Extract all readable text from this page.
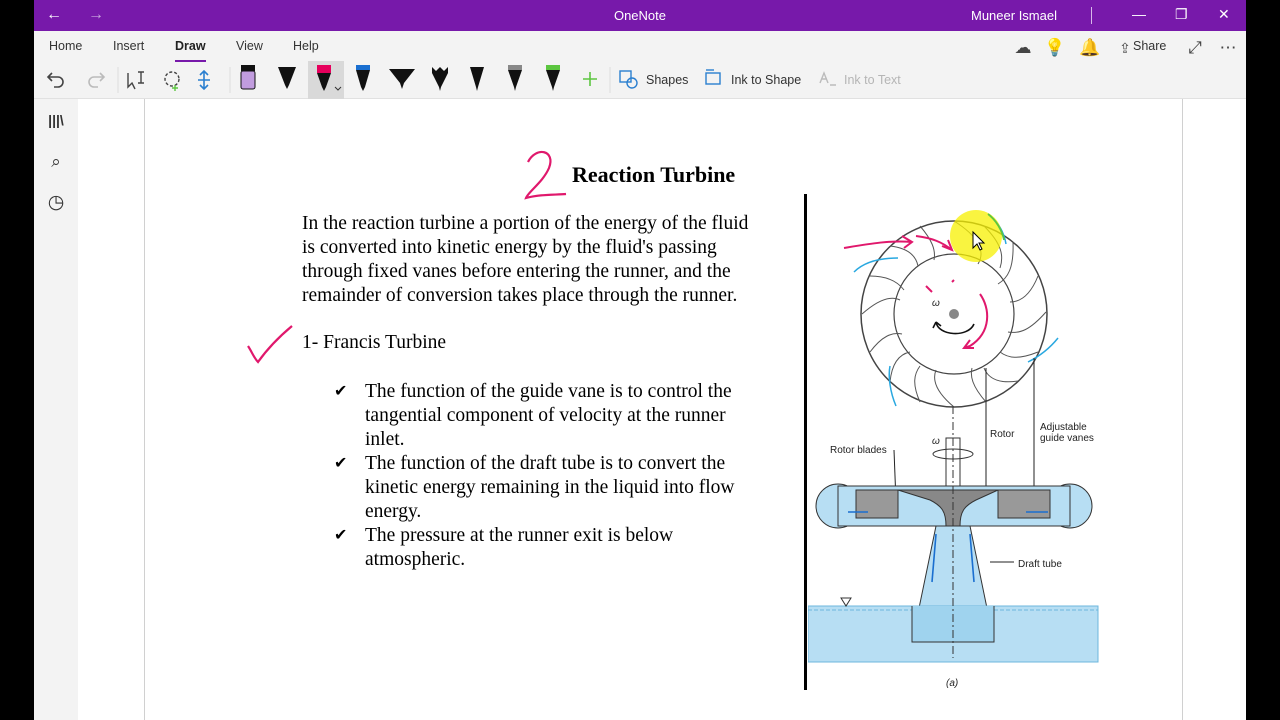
← →	OneNote	Muneer Ismael	— ❐ ✕
Home Insert Draw View Help	☁ 💡 🔔	⇪ Share ⤢ ⋯
Shapes	Ink to Shape	Ink to Text
|||\
⌕
◷
Reaction Turbine
In the reaction turbine a portion of the energy of the fluid
is converted into kinetic energy by the fluid's passing
through fixed vanes before entering the runner, and the
remainder of conversion takes place through the runner.
1- Francis Turbine
✔ The function of the guide vane is to control the
tangential component of velocity at the runner
inlet.
✔ The function of the draft tube is to convert the
kinetic energy remaining in the liquid into flow
energy.
✔ The pressure at the runner exit is below
atmospheric.
ω
Rotor
Adjustable
guide vanes
Rotor blades
ω
Draft tube
(a)
